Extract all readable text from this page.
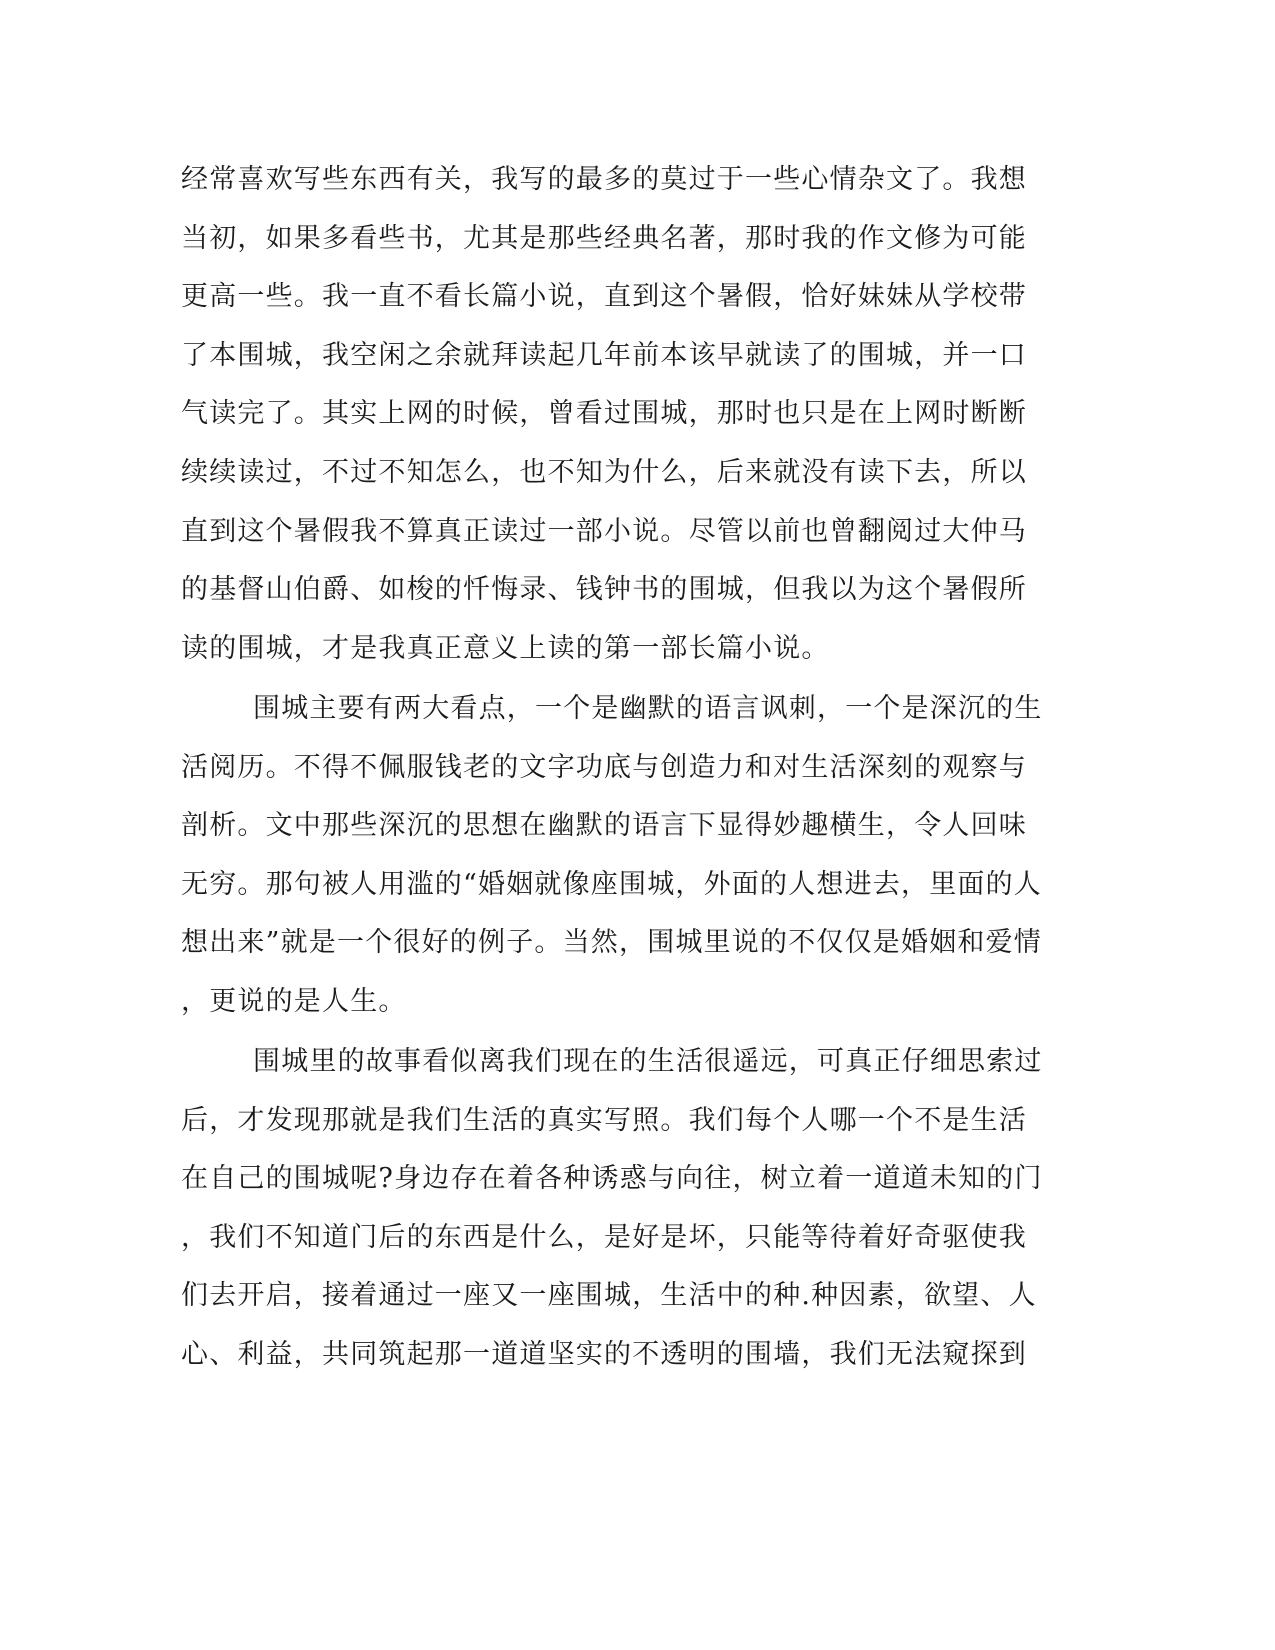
经常喜欢写些东西有关，我写的最多的莫过于一些心情杂文了。我想
当初，如果多看些书，尤其是那些经典名著，那时我的作文修为可能
更高一些。我一直不看长篇小说，直到这个暑假，恰好妹妹从学校带
了本围城，我空闲之余就拜读起几年前本该早就读了的围城，并一口
气读完了。其实上网的时候，曾看过围城，那时也只是在上网时断断
续续读过，不过不知怎么，也不知为什么，后来就没有读下去，所以
直到这个暑假我不算真正读过一部小说。尽管以前也曾翻阅过大仲马
的基督山伯爵、如梭的忏悔录、钱钟书的围城，但我以为这个暑假所
读的围城，才是我真正意义上读的第一部长篇小说。
围城主要有两大看点，一个是幽默的语言讽刺，一个是深沉的生
活阅历。不得不佩服钱老的文字功底与创造力和对生活深刻的观察与
剖析。文中那些深沉的思想在幽默的语言下显得妙趣横生，令人回味
无穷。那句被人用滥的“婚姻就像座围城，外面的人想进去，里面的人
想出来”就是一个很好的例子。当然，围城里说的不仅仅是婚姻和爱情
，更说的是人生。
围城里的故事看似离我们现在的生活很遥远，可真正仔细思索过
后，才发现那就是我们生活的真实写照。我们每个人哪一个不是生活
在自己的围城呢?身边存在着各种诱惑与向往，树立着一道道未知的门
，我们不知道门后的东西是什么，是好是坏，只能等待着好奇驱使我
们去开启，接着通过一座又一座围城，生活中的种.种因素，欲望、人
心、利益，共同筑起那一道道坚实的不透明的围墙，我们无法窥探到
